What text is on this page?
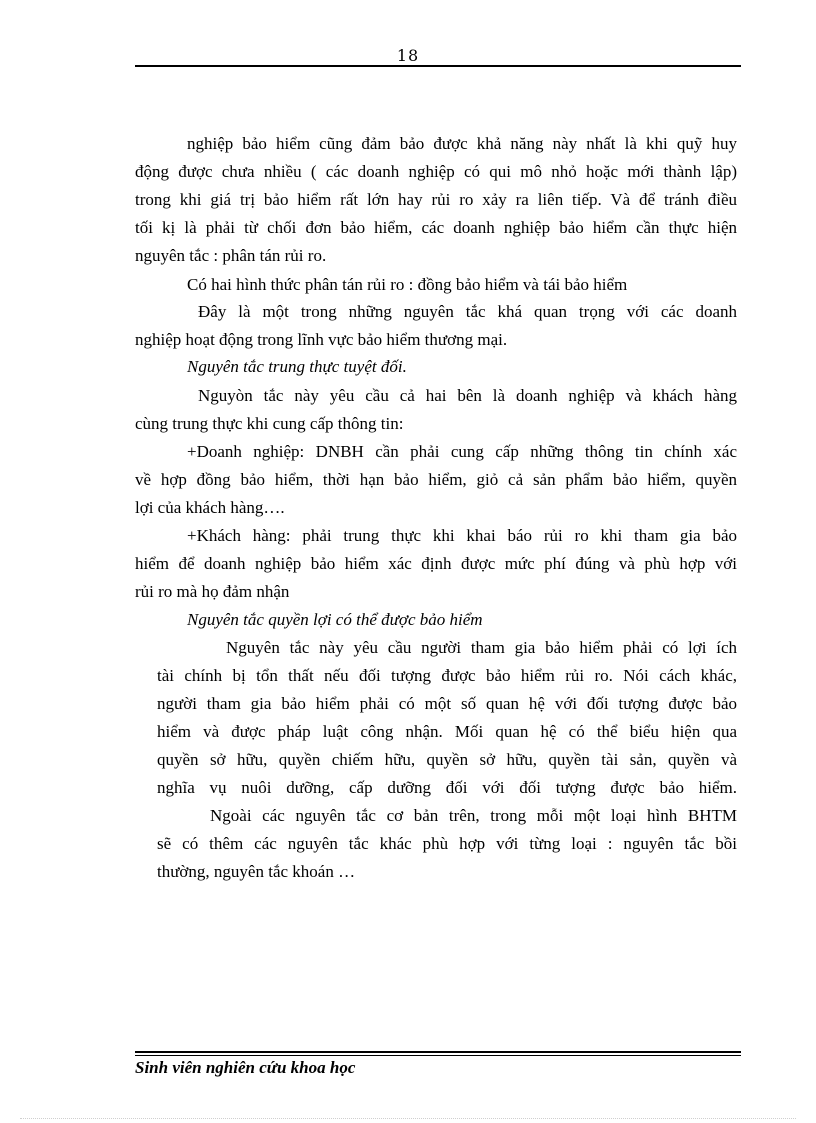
18
nghiệp bảo hiểm cũng đảm bảo được khả năng này nhất là khi quỹ huy
động được chưa nhiều ( các doanh nghiệp có qui mô nhỏ hoặc mới thành lập)
trong khi giá trị bảo hiểm rất lớn hay rủi ro xảy ra liên tiếp. Và để tránh điều
tối kị là phải từ chối đơn bảo hiểm, các doanh nghiệp bảo hiểm cần thực hiện
nguyên tắc : phân tán rủi ro.
Có hai hình thức phân tán rủi ro : đồng bảo hiểm và tái bảo hiểm
Đây là một trong những nguyên tắc khá quan trọng với các doanh
nghiệp hoạt động trong lĩnh vực bảo hiểm thương mại.
Nguyên tắc trung thực tuyệt đối.
Nguyòn tắc này yêu cầu cả hai bên là doanh nghiệp và khách hàng
cùng trung thực khi cung cấp thông tin:
+Doanh nghiệp: DNBH cần phải cung cấp những thông tin chính xác
về hợp đồng bảo hiểm, thời hạn bảo hiểm, giỏ cả sản phẩm bảo hiểm, quyền
lợi của khách hàng….
+Khách hàng: phải trung thực khi khai báo rủi ro khi tham gia bảo
hiểm để doanh nghiệp bảo hiểm xác định được mức phí đúng và phù hợp với
rủi ro mà họ đảm nhận
Nguyên tắc quyền lợi có thể được bảo hiểm
Nguyên tắc này yêu cầu người tham gia bảo hiểm phải có lợi ích
tài chính bị tổn thất nếu đối tượng được bảo hiểm rủi ro. Nói cách khác,
người tham gia bảo hiểm phải có một số quan hệ với đối tượng được bảo
hiểm và được pháp luật công nhận. Mối quan hệ có thể biểu hiện qua
quyền sở hữu, quyền chiếm hữu, quyền sở hữu, quyền tài sản, quyền và
nghĩa vụ nuôi dưỡng, cấp dưỡng đối với đối tượng được bảo hiểm.
Ngoài các nguyên tắc cơ bản trên, trong mỗi một loại hình BHTM
sẽ có thêm các nguyên tắc khác phù hợp với từng loại : nguyên tắc bồi
thường, nguyên tắc khoán …
Sinh viên nghiên cứu khoa học
